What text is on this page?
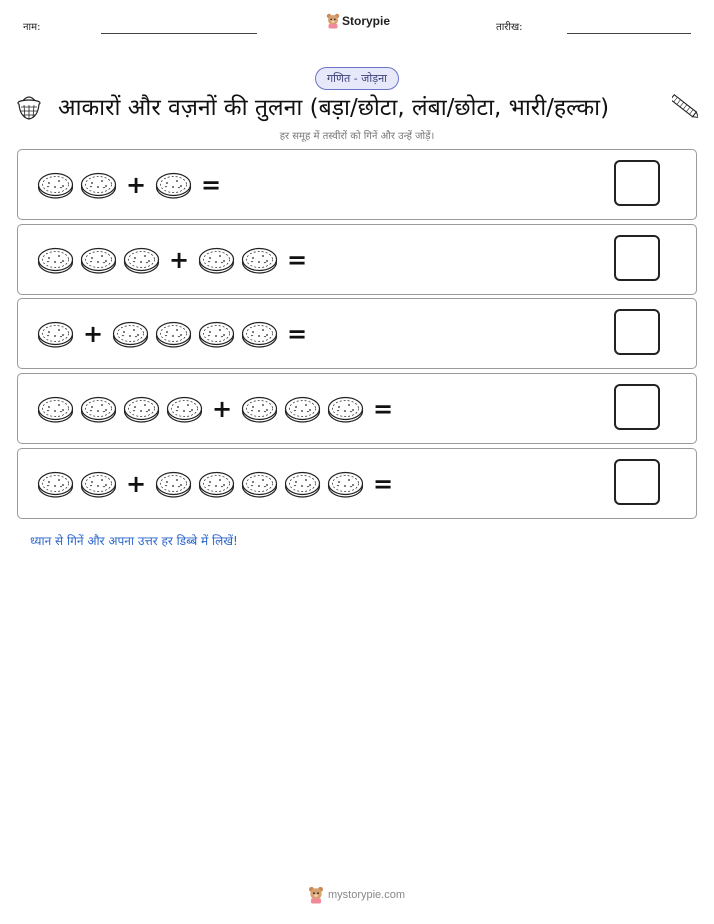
नाम:	Storypie	तारीख:
गणित - जोड़ना
आकारों और वज़नों की तुलना (बड़ा/छोटा, लंबा/छोटा, भारी/हल्का)
हर समूह में तस्वीरों को गिनें और उन्हें जोड़ें।
+ =
+	=
+	=
+	=
+	=
ध्यान से गिनें और अपना उत्तर हर डिब्बे में लिखें!
mystorypie.com
